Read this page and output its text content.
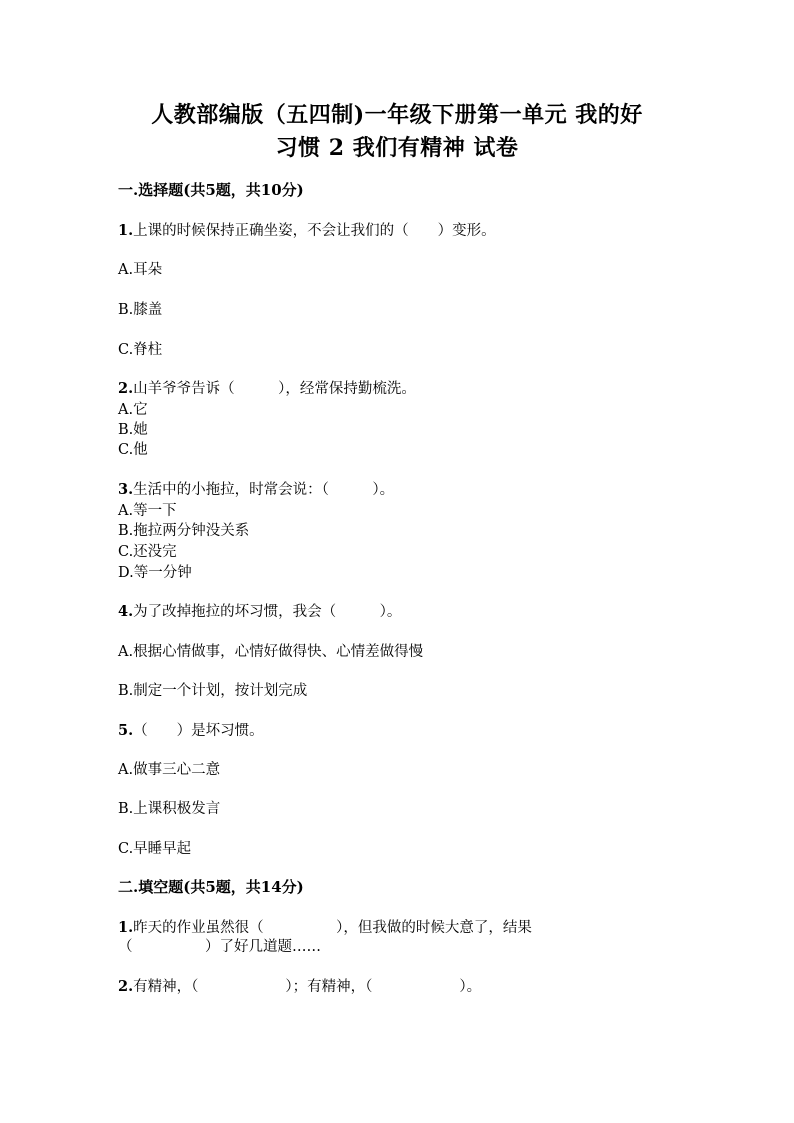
人教部编版（五四制)一年级下册第一单元 我的好
习惯 2 我们有精神 试卷
一.选择题(共5题，共10分)
1.上课的时候保持正确坐姿，不会让我们的（　　）变形。
A.耳朵
B.膝盖
C.脊柱
2.山羊爷爷告诉（　　　），经常保持勤梳洗。
A.它
B.她
C.他
3.生活中的小拖拉，时常会说：（　　　）。
A.等一下
B.拖拉两分钟没关系
C.还没完
D.等一分钟
4.为了改掉拖拉的坏习惯，我会（　　　）。
A.根据心情做事，心情好做得快、心情差做得慢
B.制定一个计划，按计划完成
5.（　　）是坏习惯。
A.做事三心二意
B.上课积极发言
C.早睡早起
二.填空题(共5题，共14分)
1.昨天的作业虽然很（　　　　　），但我做的时候大意了，结果
（　　　　　）了好几道题……
2.有精神，（　　　　　　）；有精神，（　　　　　　）。
